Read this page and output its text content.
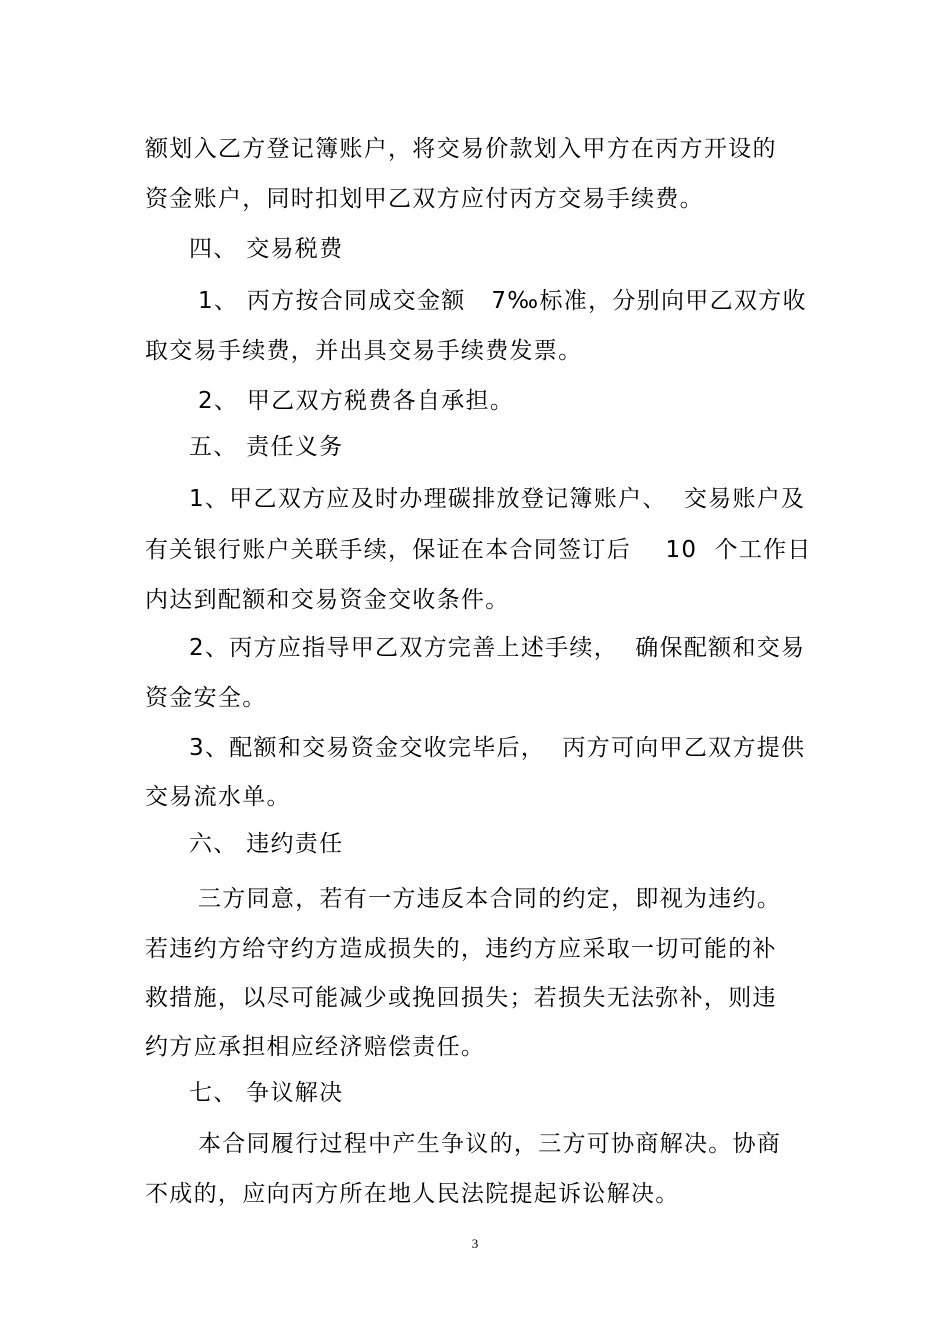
额划入乙方登记簿账户，将交易价款划入甲方在丙方开设的
资金账户，同时扣划甲乙双方应付丙方交易手续费。
四、 交易税费
1、 丙方按合同成交金额   7‰标准，分别向甲乙双方收
取交易手续费，并出具交易手续费发票。
2、 甲乙双方税费各自承担。
五、 责任义务
1、甲乙双方应及时办理碳排放登记簿账户、  交易账户及
有关银行账户关联手续，保证在本合同签订后    10  个工作日
内达到配额和交易资金交收条件。
2、丙方应指导甲乙双方完善上述手续，  确保配额和交易
资金安全。
3、配额和交易资金交收完毕后，  丙方可向甲乙双方提供
交易流水单。
六、 违约责任
三方同意，若有一方违反本合同的约定，即视为违约。
若违约方给守约方造成损失的，违约方应采取一切可能的补
救措施，以尽可能减少或挽回损失；若损失无法弥补，则违
约方应承担相应经济赔偿责任。
七、 争议解决
本合同履行过程中产生争议的，三方可协商解决。协商
不成的，应向丙方所在地人民法院提起诉讼解决。
3
